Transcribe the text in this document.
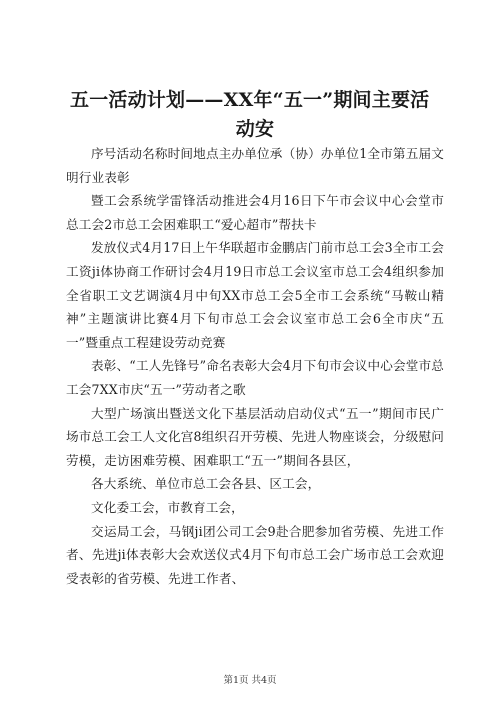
五一活动计划——XX年“五一”期间主要活
动安

序号活动名称时间地点主办单位承（协）办单位1全市第五届文明行业表彰

暨工会系统学雷锋活动推进会4月16日下午市会议中心会堂市总工会2市总工会困难职工“爱心超市”帮扶卡

发放仪式4月17日上午华联超市金鹏店门前市总工会3全市工会工资ji体协商工作研讨会4月19日市总工会议室市总工会4组织参加全省职工文艺调演4月中旬XX市总工会5全市工会系统“马鞍山精神”主题演讲比赛4月下旬市总工会会议室市总工会6全市庆“五一”暨重点工程建设劳动竞赛

表彰、“工人先锋号”命名表彰大会4月下旬市会议中心会堂市总工会7XX市庆“五一”劳动者之歌

大型广场演出暨送文化下基层活动启动仪式“五一”期间市民广场市总工会工人文化宫8组织召开劳模、先进人物座谈会，分级慰问劳模，走访困难劳模、困难职工“五一”期间各县区，

各大系统、单位市总工会各县、区工会，

文化委工会，市教育工会，

交运局工会，马钢ji团公司工会9赴合肥参加省劳模、先进工作者、先进ji体表彰大会欢送仪式4月下旬市总工会广场市总工会欢迎受表彰的省劳模、先进工作者、

第1页 共4页
